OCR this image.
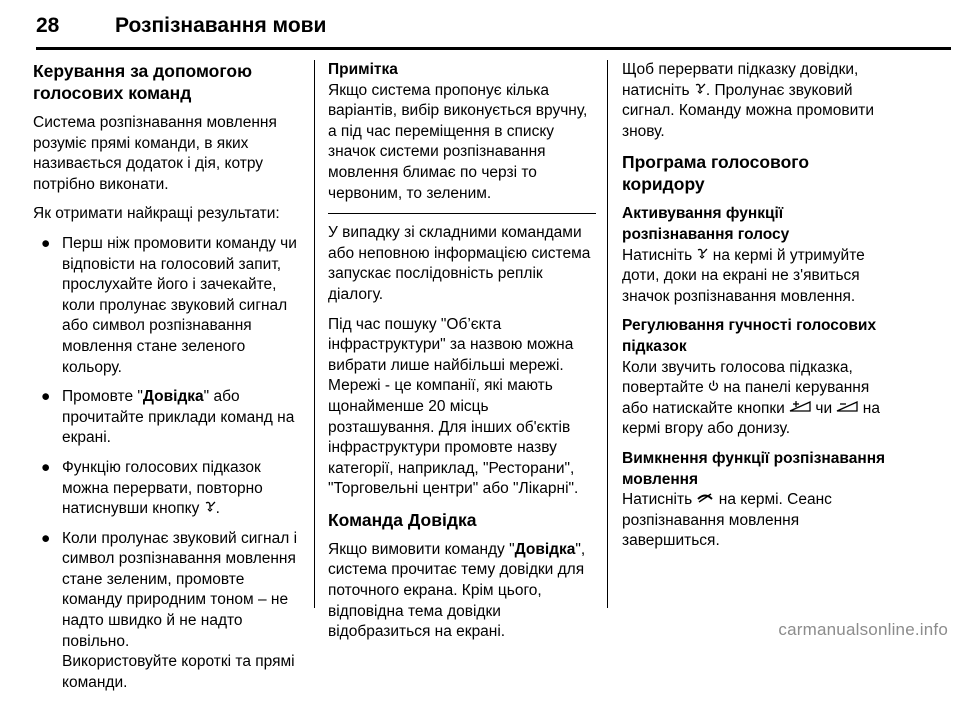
28	Розпізнавання мови
Керування за допомогою голосових команд

Система розпізнавання мовлення розуміє прямі команди, в яких називається додаток і дія, котру потрібно виконати.

Як отримати найкращі результати:

● Перш ніж промовити команду чи відповісти на голосовий запит, прослухайте його і зачекайте, коли пролунає звуковий сигнал або символ розпізнавання мовлення стане зеленого кольору.
● Промовте "Довідка" або прочитайте приклади команд на екрані.
● Функцію голосових підказок можна перервати, повторно натиснувши кнопку .
● Коли пролунає звуковий сигнал і символ розпізнавання мовлення стане зеленим, промовте команду природним тоном – не надто швидко й не надто повільно.
Використовуйте короткі та прямі команди.
Примітка
Якщо система пропонує кілька варіантів, вибір виконується вручну, а під час переміщення в списку значок системи розпізнавання мовлення блимає по черзі то червоним, то зеленим.

У випадку зі складними командами або неповною інформацією система запускає послідовність реплік діалогу.

Під час пошуку "Об’єкта інфраструктури" за назвою можна вибрати лише найбільші мережі. Мережі - це компанії, які мають щонайменше 20 місць розташування. Для інших об'єктів інфраструктури промовте назву категорії, наприклад, "Ресторани", "Торговельні центри" або "Лікарні".

Команда Довідка

Якщо вимовити команду "Довідка", система прочитає тему довідки для поточного екрана. Крім цього, відповідна тема довідки відобразиться на екрані.

Щоб перервати підказку довідки, натисніть . Пролунає звуковий сигнал. Команду можна промовити знову.

Програма голосового коридору
Активування функції розпізнавання голосу

Натисніть  на кермі й утримуйте доти, доки на екрані не з'явиться значок розпізнавання мовлення.

Регулювання гучності голосових підказок

Коли звучить голосова підказка, повертайте  на панелі керування або натискайте кнопки  чи  на кермі вгору або донизу.

Вимкнення функції розпізнавання мовлення

Натисніть  на кермі. Сеанс розпізнавання мовлення завершиться.

carmanualsonline.info
